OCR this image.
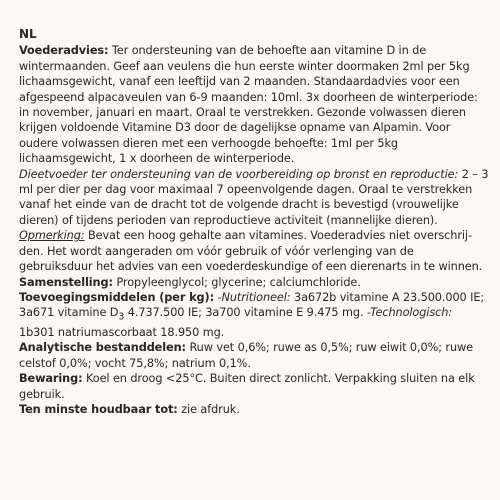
NL

Voederadvies: Ter ondersteuning van de behoefte aan vitamine D in de wintermaanden. Geef aan veulens die hun eerste winter doormaken 2ml per 5kg lichaamsgewicht, vanaf een leeftijd van 2 maanden. Standaardadvies voor een afgespeend alpacaveulen van 6-9 maanden: 10ml. 3x doorheen de winterperiode: in november, januari en maart. Oraal te verstrekken. Gezonde volwassen dieren krijgen voldoende Vitamine D3 door de dagelijkse opname van Alpamin. Voor oudere volwassen dieren met een verhoogde behoefte: 1ml per 5kg lichaamsgewicht, 1 x doorheen de winterperiode.

Dieetvoeder ter ondersteuning van de voorbereiding op bronst en reproductie: 2 – 3 ml per dier per dag voor maximaal 7 opeenvolgende dagen. Oraal te verstrekken vanaf het einde van de dracht tot de volgende dracht is bevestigd (vrouwelijke dieren) of tijdens perioden van reproductieve activiteit (mannelijke dieren).

Opmerking: Bevat een hoog gehalte aan vitamines. Voederadvies niet overschrij-den. Het wordt aangeraden om vóór gebruik of vóór verlenging van de gebruiksduur het advies van een voederdeskundige of een dierenarts in te winnen.

Samenstelling: Propyleenglycol; glycerine; calciumchloride.

Toevoegingsmiddelen (per kg): -Nutritioneel: 3a672b vitamine A 23.500.000 IE; 3a671 vitamine $D_3$ 4.737.500 IE; 3a700 vitamine E 9.475 mg. -Technologisch: 1b301 natriumascorbaat 18.950 mg.

Analytische bestanddelen: Ruw vet 0,6%; ruwe as 0,5%; ruw eiwit 0,0%; ruwe celstof 0,0%; vocht 75,8%; natrium 0,1%.

Bewaring: Koel en droog <25°C. Buiten direct zonlicht. Verpakking sluiten na elk gebruik.

Ten minste houdbaar tot: zie afdruk.
